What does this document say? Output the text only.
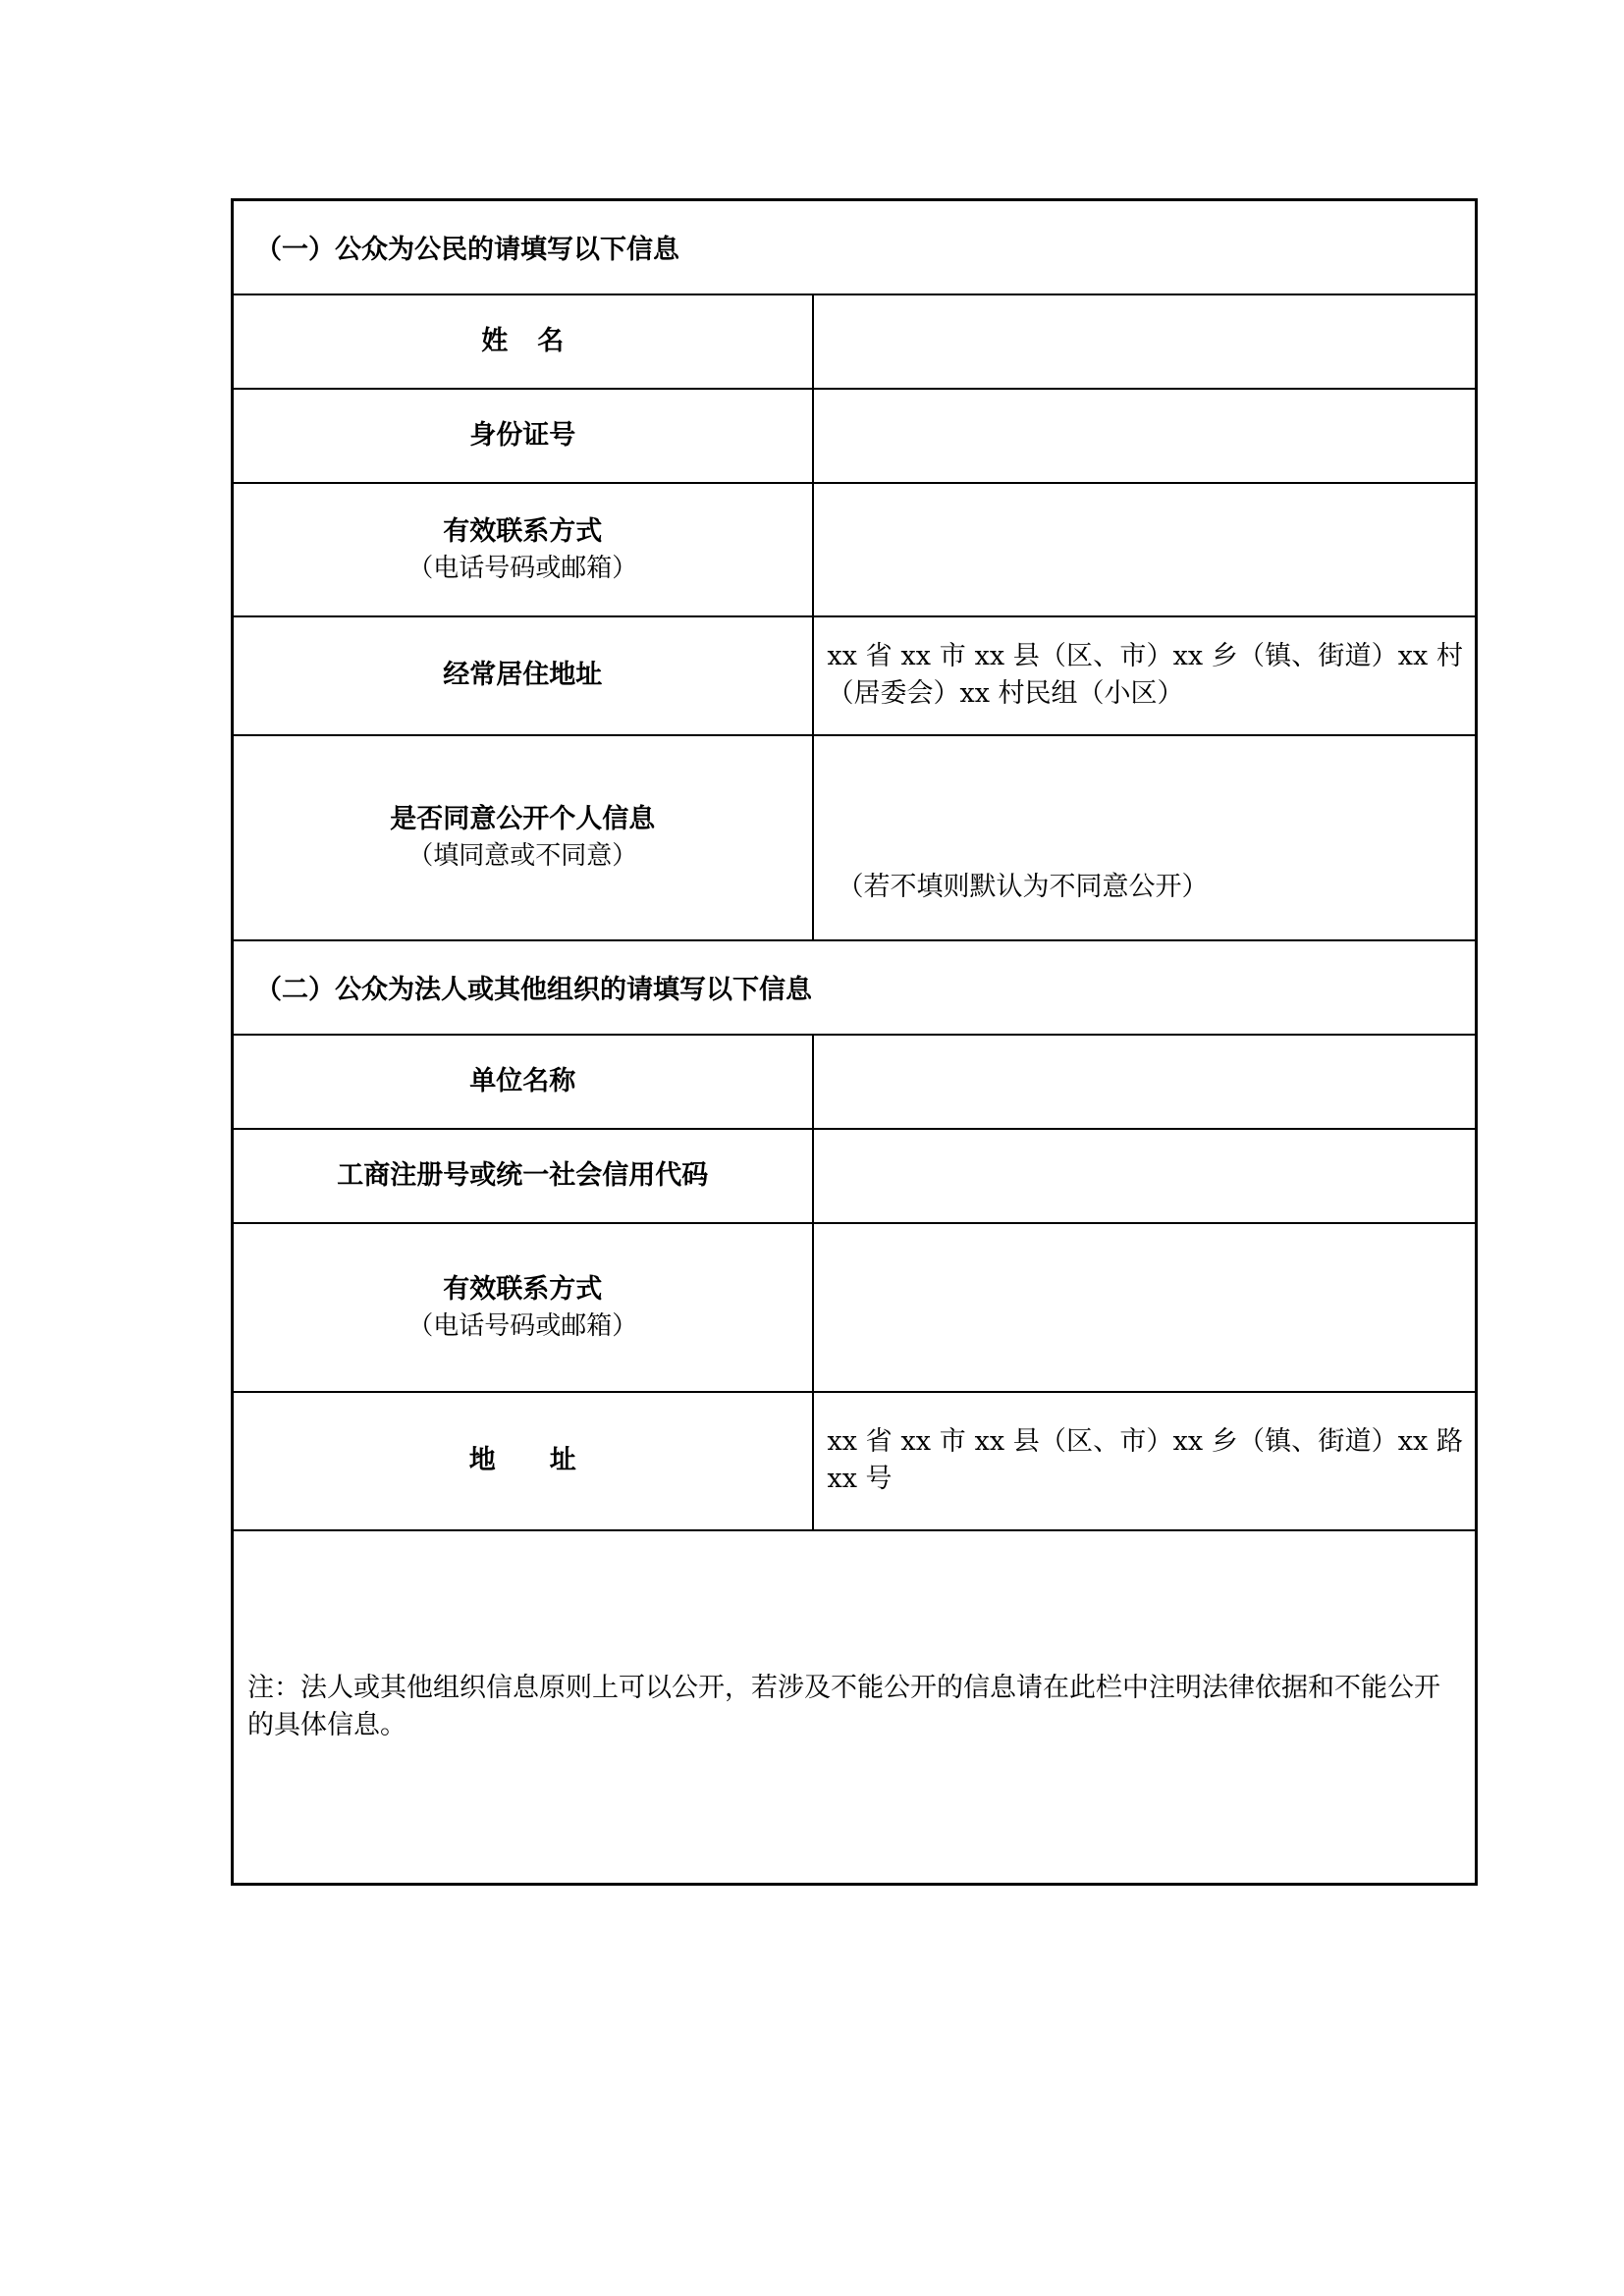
（一）公众为公民的请填写以下信息	
姓名	
身份证号	
有效联系方式
（电话号码或邮箱）	

经常居住地址	xx 省 xx 市 xx 县（区、市）xx 乡（镇、街道）xx 村（居委会）xx 村民组（小区）
是否同意公开个人信息
（填同意或不同意）	（若不填则默认为不同意公开）
（二）公众为法人或其他组织的请填写以下信息	
单位名称	
工商注册号或统一社会信用代码	
有效联系方式
（电话号码或邮箱）	

地址	xx 省 xx 市 xx 县（区、市）xx 乡（镇、街道）xx 路 xx 号
注：法人或其他组织信息原则上可以公开，若涉及不能公开的信息请在此栏中注明法律依据和不能公开的具体信息。	
